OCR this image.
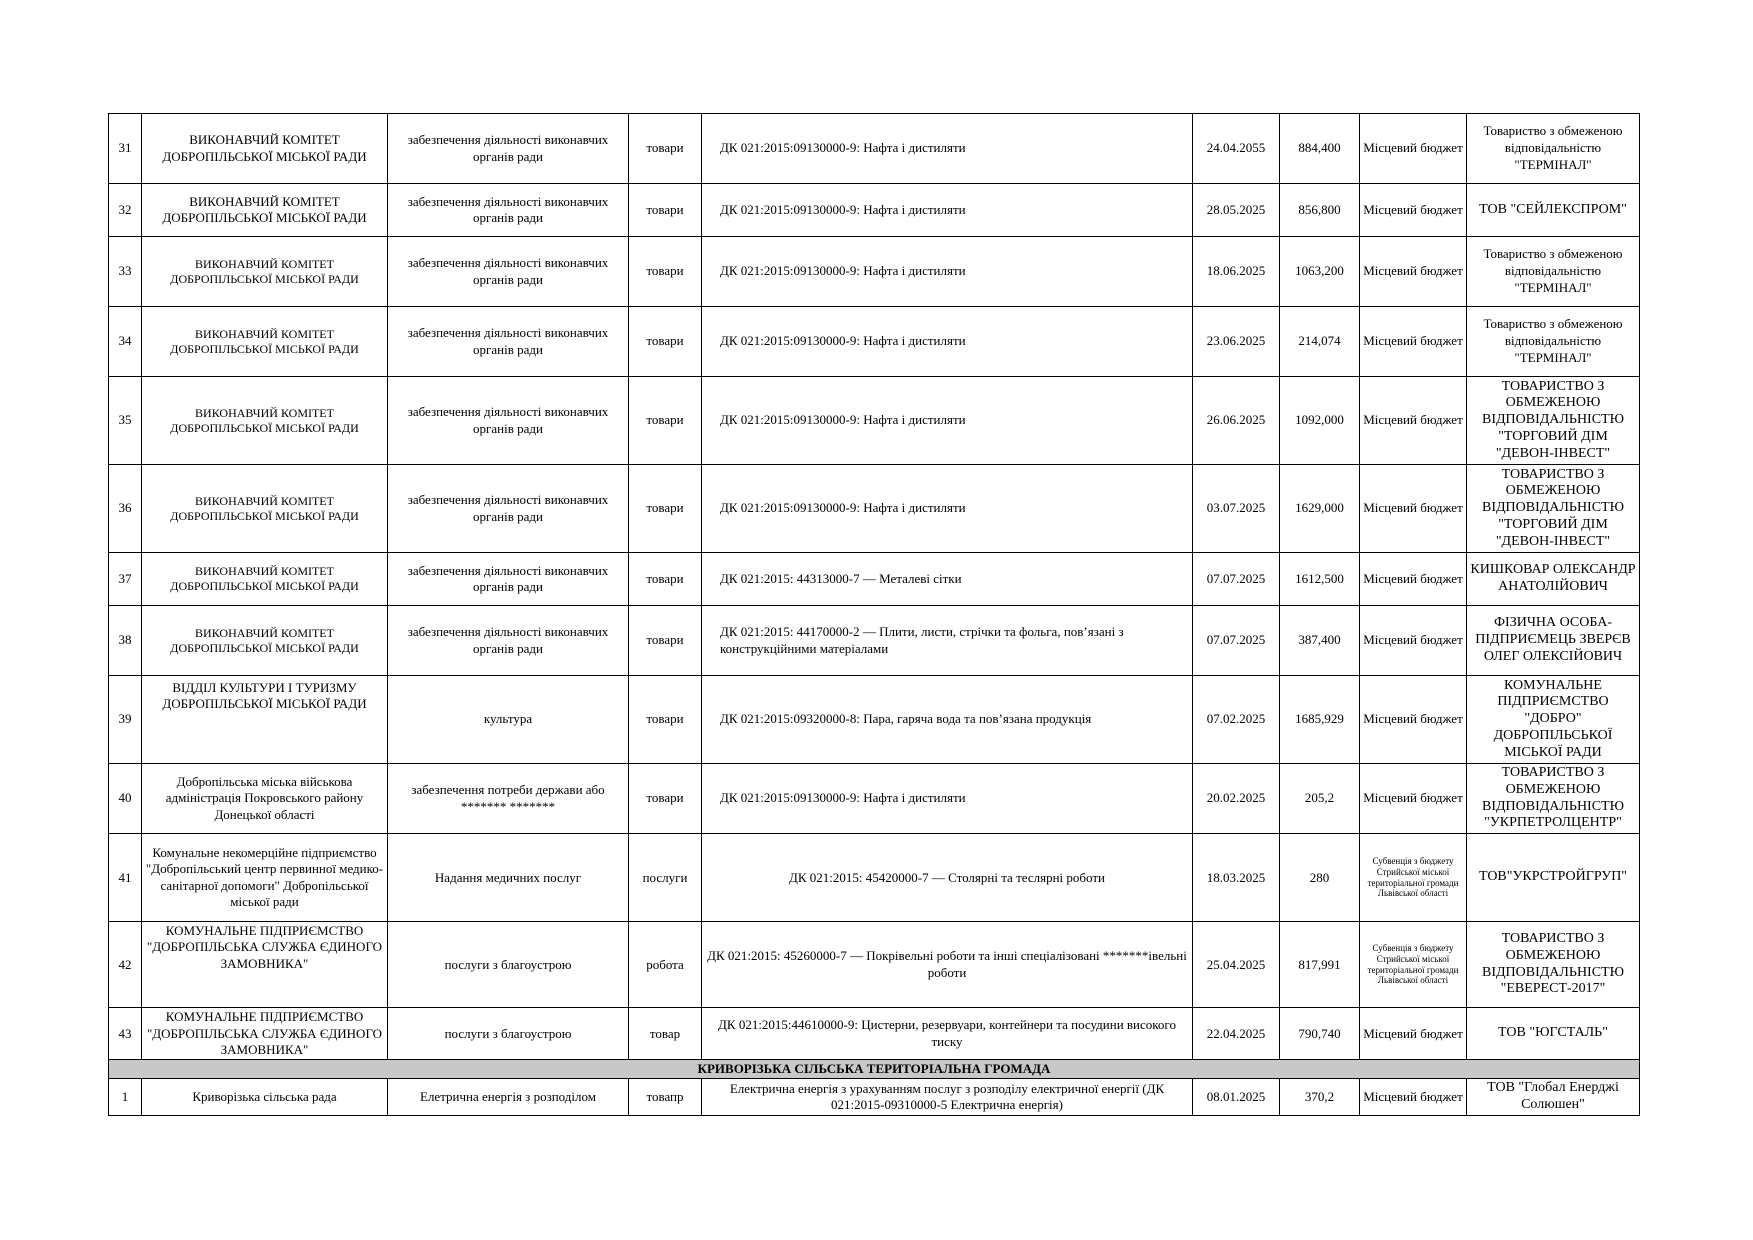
31	ВИКОНАВЧИЙ КОМІТЕТ ДОБРОПІЛЬСЬКОЇ МІСЬКОЇ РАДИ	забезпечення діяльності виконавчих органів ради	товари	ДК 021:2015:09130000-9: Нафта і дистиляти	24.04.2055	884,400	Місцевий бюджет	Товариство з обмеженою відповідальністю "ТЕРМІНАЛ"
32	ВИКОНАВЧИЙ КОМІТЕТ ДОБРОПІЛЬСЬКОЇ МІСЬКОЇ РАДИ	забезпечення діяльності виконавчих органів ради	товари	ДК 021:2015:09130000-9: Нафта і дистиляти	28.05.2025	856,800	Місцевий бюджет	ТОВ "СЕЙЛЕКСПРОМ"
33	ВИКОНАВЧИЙ КОМІТЕТ ДОБРОПІЛЬСЬКОЇ МІСЬКОЇ РАДИ	забезпечення діяльності виконавчих органів ради	товари	ДК 021:2015:09130000-9: Нафта і дистиляти	18.06.2025	1063,200	Місцевий бюджет	Товариство з обмеженою відповідальністю "ТЕРМІНАЛ"
34	ВИКОНАВЧИЙ КОМІТЕТ ДОБРОПІЛЬСЬКОЇ МІСЬКОЇ РАДИ	забезпечення діяльності виконавчих органів ради	товари	ДК 021:2015:09130000-9: Нафта і дистиляти	23.06.2025	214,074	Місцевий бюджет	Товариство з обмеженою відповідальністю "ТЕРМІНАЛ"
35	ВИКОНАВЧИЙ КОМІТЕТ ДОБРОПІЛЬСЬКОЇ МІСЬКОЇ РАДИ	забезпечення діяльності виконавчих органів ради	товари	ДК 021:2015:09130000-9: Нафта і дистиляти	26.06.2025	1092,000	Місцевий бюджет	ТОВАРИСТВО З ОБМЕЖЕНОЮ ВІДПОВІДАЛЬНІСТЮ "ТОРГОВИЙ ДІМ "ДЕВОН-ІНВЕСТ"
36	ВИКОНАВЧИЙ КОМІТЕТ ДОБРОПІЛЬСЬКОЇ МІСЬКОЇ РАДИ	забезпечення діяльності виконавчих органів ради	товари	ДК 021:2015:09130000-9: Нафта і дистиляти	03.07.2025	1629,000	Місцевий бюджет	ТОВАРИСТВО З ОБМЕЖЕНОЮ ВІДПОВІДАЛЬНІСТЮ "ТОРГОВИЙ ДІМ "ДЕВОН-ІНВЕСТ"
37	ВИКОНАВЧИЙ КОМІТЕТ ДОБРОПІЛЬСЬКОЇ МІСЬКОЇ РАДИ	забезпечення діяльності виконавчих органів ради	товари	ДК 021:2015: 44313000-7 — Металеві сітки	07.07.2025	1612,500	Місцевий бюджет	КИШКОВАР ОЛЕКСАНДР АНАТОЛІЙОВИЧ
38	ВИКОНАВЧИЙ КОМІТЕТ ДОБРОПІЛЬСЬКОЇ МІСЬКОЇ РАДИ	забезпечення діяльності виконавчих органів ради	товари	ДК 021:2015: 44170000-2 — Плити, листи, стрічки та фольга, пов’язані з конструкційними матеріалами	07.07.2025	387,400	Місцевий бюджет	ФІЗИЧНА ОСОБА-ПІДПРИЄМЕЦЬ ЗВЕРЄВ ОЛЕГ ОЛЕКСІЙОВИЧ
39	ВІДДІЛ КУЛЬТУРИ І ТУРИЗМУ ДОБРОПІЛЬСЬКОЇ МІСЬКОЇ РАДИ	культура	товари	ДК 021:2015:09320000-8: Пара, гаряча вода та пов’язана продукція	07.02.2025	1685,929	Місцевий бюджет	КОМУНАЛЬНЕ ПІДПРИЄМСТВО "ДОБРО" ДОБРОПІЛЬСЬКОЇ МІСЬКОЇ РАДИ
40	Добропільська міська військова адміністрація Покровського району Донецької області	забезпечення потреби держави або ******* *******	товари	ДК 021:2015:09130000-9: Нафта і дистиляти	20.02.2025	205,2	Місцевий бюджет	ТОВАРИСТВО З ОБМЕЖЕНОЮ ВІДПОВІДАЛЬНІСТЮ "УКРПЕТРОЛЦЕНТР"
41	Комунальне некомерційне підприємство "Добропільський центр первинної медико-санітарної допомоги" Добропільської міської ради	Надання медичних послуг	послуги	ДК 021:2015: 45420000-7 — Столярні та теслярні роботи	18.03.2025	280	Субвенція з бюджету Стрийської міської територіальної громади Львівської області	ТОВ"УКРСТРОЙГРУП"
42	КОМУНАЛЬНЕ ПІДПРИЄМСТВО "ДОБРОПІЛЬСЬКА СЛУЖБА ЄДИНОГО ЗАМОВНИКА"	послуги з благоустрою	робота	ДК 021:2015: 45260000-7 — Покрівельні роботи та інші спеціалізовані *******івельні роботи	25.04.2025	817,991	Субвенція з бюджету Стрийської міської територіальної громади Львівської області	ТОВАРИСТВО З ОБМЕЖЕНОЮ ВІДПОВІДАЛЬНІСТЮ "ЕВЕРЕСТ-2017"
43	КОМУНАЛЬНЕ ПІДПРИЄМСТВО "ДОБРОПІЛЬСЬКА СЛУЖБА ЄДИНОГО ЗАМОВНИКА"	послуги з благоустрою	товар	ДК 021:2015:44610000-9: Цистерни, резервуари, контейнери та посудини високого тиску	22.04.2025	790,740	Місцевий бюджет	ТОВ "ЮГСТАЛЬ"
КРИВОРІЗЬКА СІЛЬСЬКА ТЕРИТОРІАЛЬНА ГРОМАДА								
1	Криворізька сільська рада	Елетрична енергія з розподілом	товапр	Електрична енергія з урахуванням послуг з розподілу електричної енергії (ДК 021:2015-09310000-5 Електрична енергія)	08.01.2025	370,2	Місцевий бюджет	ТОВ "Глобал Енерджі Солюшен"
